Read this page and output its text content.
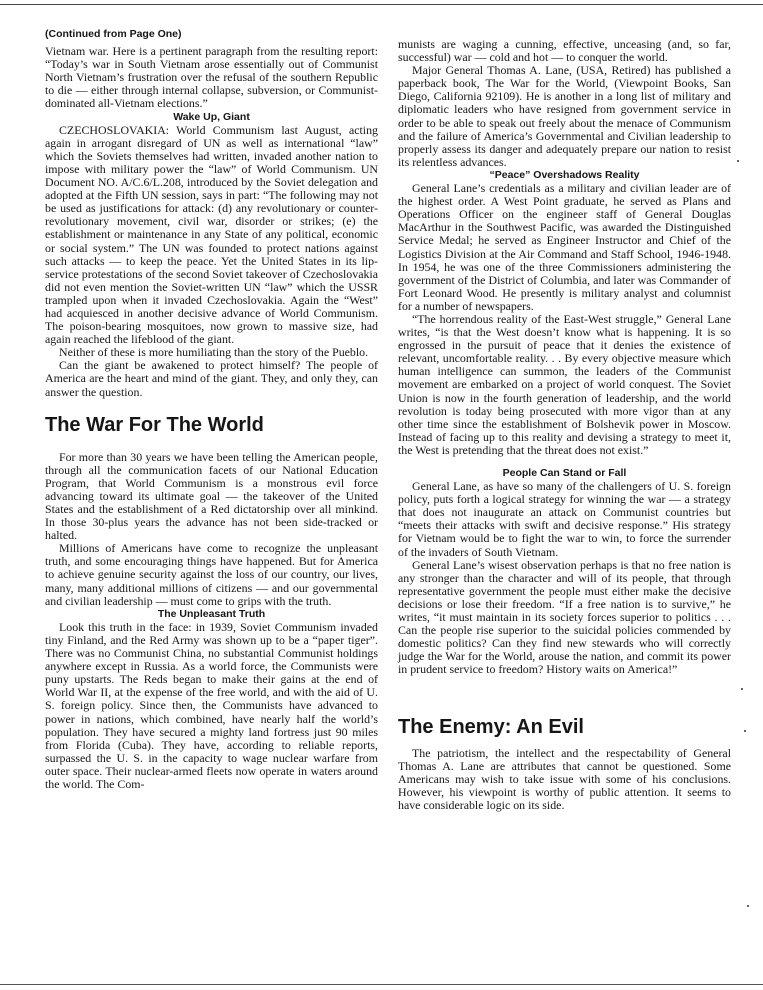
(Continued from Page One)

Vietnam war. Here is a pertinent paragraph from the resulting report: “Today’s war in South Vietnam arose essentially out of Communist North Vietnam’s frustration over the refusal of the southern Republic to die — either through internal collapse, subversion, or Communist-dominated all-Vietnam elections.”

Wake Up, Giant

CZECHOSLOVAKIA: World Communism last August, acting again in arrogant disregard of UN as well as international “law” which the Soviets themselves had written, invaded another nation to impose with military power the “law” of World Communism. UN Document NO. A/C.6/L.208, introduced by the Soviet delegation and adopted at the Fifth UN session, says in part: “The following may not be used as justifications for attack: (d) any revolutionary or counter-revolutionary movement, civil war, disorder or strikes; (e) the establishment or maintenance in any State of any political, economic or social system.” The UN was founded to protect nations against such attacks — to keep the peace. Yet the United States in its lip-service protestations of the second Soviet takeover of Czechoslovakia did not even mention the Soviet-written UN “law” which the USSR trampled upon when it invaded Czechoslovakia. Again the “West” had acquiesced in another decisive advance of World Communism. The poison-bearing mosquitoes, now grown to massive size, had again reached the lifeblood of the giant.

Neither of these is more humiliating than the story of the Pueblo.

Can the giant be awakened to protect himself? The people of America are the heart and mind of the giant. They, and only they, can answer the question.

The War For The World

For more than 30 years we have been telling the American people, through all the communication facets of our National Education Program, that World Communism is a monstrous evil force advancing toward its ultimate goal — the takeover of the United States and the establishment of a Red dictatorship over all minkind. In those 30-plus years the advance has not been side-tracked or halted.

Millions of Americans have come to recognize the unpleasant truth, and some encouraging things have happened. But for America to achieve genuine security against the loss of our country, our lives, many, many additional millions of citizens — and our governmental and civilian leadership — must come to grips with the truth.

The Unpleasant Truth

Look this truth in the face: in 1939, Soviet Communism invaded tiny Finland, and the Red Army was shown up to be a “paper tiger”. There was no Communist China, no substantial Communist holdings anywhere except in Russia. As a world force, the Communists were puny upstarts. The Reds began to make their gains at the end of World War II, at the expense of the free world, and with the aid of U. S. foreign policy. Since then, the Communists have advanced to power in nations, which combined, have nearly half the world’s population. They have secured a mighty land fortress just 90 miles from Florida (Cuba). They have, according to reliable reports, surpassed the U. S. in the capacity to wage nuclear warfare from outer space. Their nuclear-armed fleets now operate in waters around the world. The Com-

munists are waging a cunning, effective, unceasing (and, so far, successful) war — cold and hot — to conquer the world.

Major General Thomas A. Lane, (USA, Retired) has published a paperback book, The War for the World, (Viewpoint Books, San Diego, California 92109). He is another in a long list of military and diplomatic leaders who have resigned from government service in order to be able to speak out freely about the menace of Communism and the failure of America’s Governmental and Civilian leadership to properly assess its danger and adequately prepare our nation to resist its relentless advances.

“Peace” Overshadows Reality

General Lane’s credentials as a military and civilian leader are of the highest order. A West Point graduate, he served as Plans and Operations Officer on the engineer staff of General Douglas MacArthur in the Southwest Pacific, was awarded the Distinguished Service Medal; he served as Engineer Instructor and Chief of the Logistics Division at the Air Command and Staff School, 1946-1948. In 1954, he was one of the three Commissioners administering the government of the District of Columbia, and later was Commander of Fort Leonard Wood. He presently is military analyst and columnist for a number of newspapers.

“The horrendous reality of the East-West struggle,” General Lane writes, “is that the West doesn’t know what is happening. It is so engrossed in the pursuit of peace that it denies the existence of relevant, uncomfortable reality. . . By every objective measure which human intelligence can summon, the leaders of the Communist movement are embarked on a project of world conquest. The Soviet Union is now in the fourth generation of leadership, and the world revolution is today being prosecuted with more vigor than at any other time since the establishment of Bolshevik power in Moscow. Instead of facing up to this reality and devising a strategy to meet it, the West is pretending that the threat does not exist.”

People Can Stand or Fall

General Lane, as have so many of the challengers of U. S. foreign policy, puts forth a logical strategy for winning the war — a strategy that does not inaugurate an attack on Communist countries but “meets their attacks with swift and decisive response.” His strategy for Vietnam would be to fight the war to win, to force the surrender of the invaders of South Vietnam.

General Lane’s wisest observation perhaps is that no free nation is any stronger than the character and will of its people, that through representative government the people must either make the decisive decisions or lose their freedom. “If a free nation is to survive,” he writes, “it must maintain in its society forces superior to politics . . . Can the people rise superior to the suicidal policies commended by domestic politics? Can they find new stewards who will correctly judge the War for the World, arouse the nation, and commit its power in prudent service to freedom? History waits on America!”

The Enemy: An Evil

The patriotism, the intellect and the respectability of General Thomas A. Lane are attributes that cannot be questioned. Some Americans may wish to take issue with some of his conclusions. However, his viewpoint is worthy of public attention. It seems to have considerable logic on its side.
